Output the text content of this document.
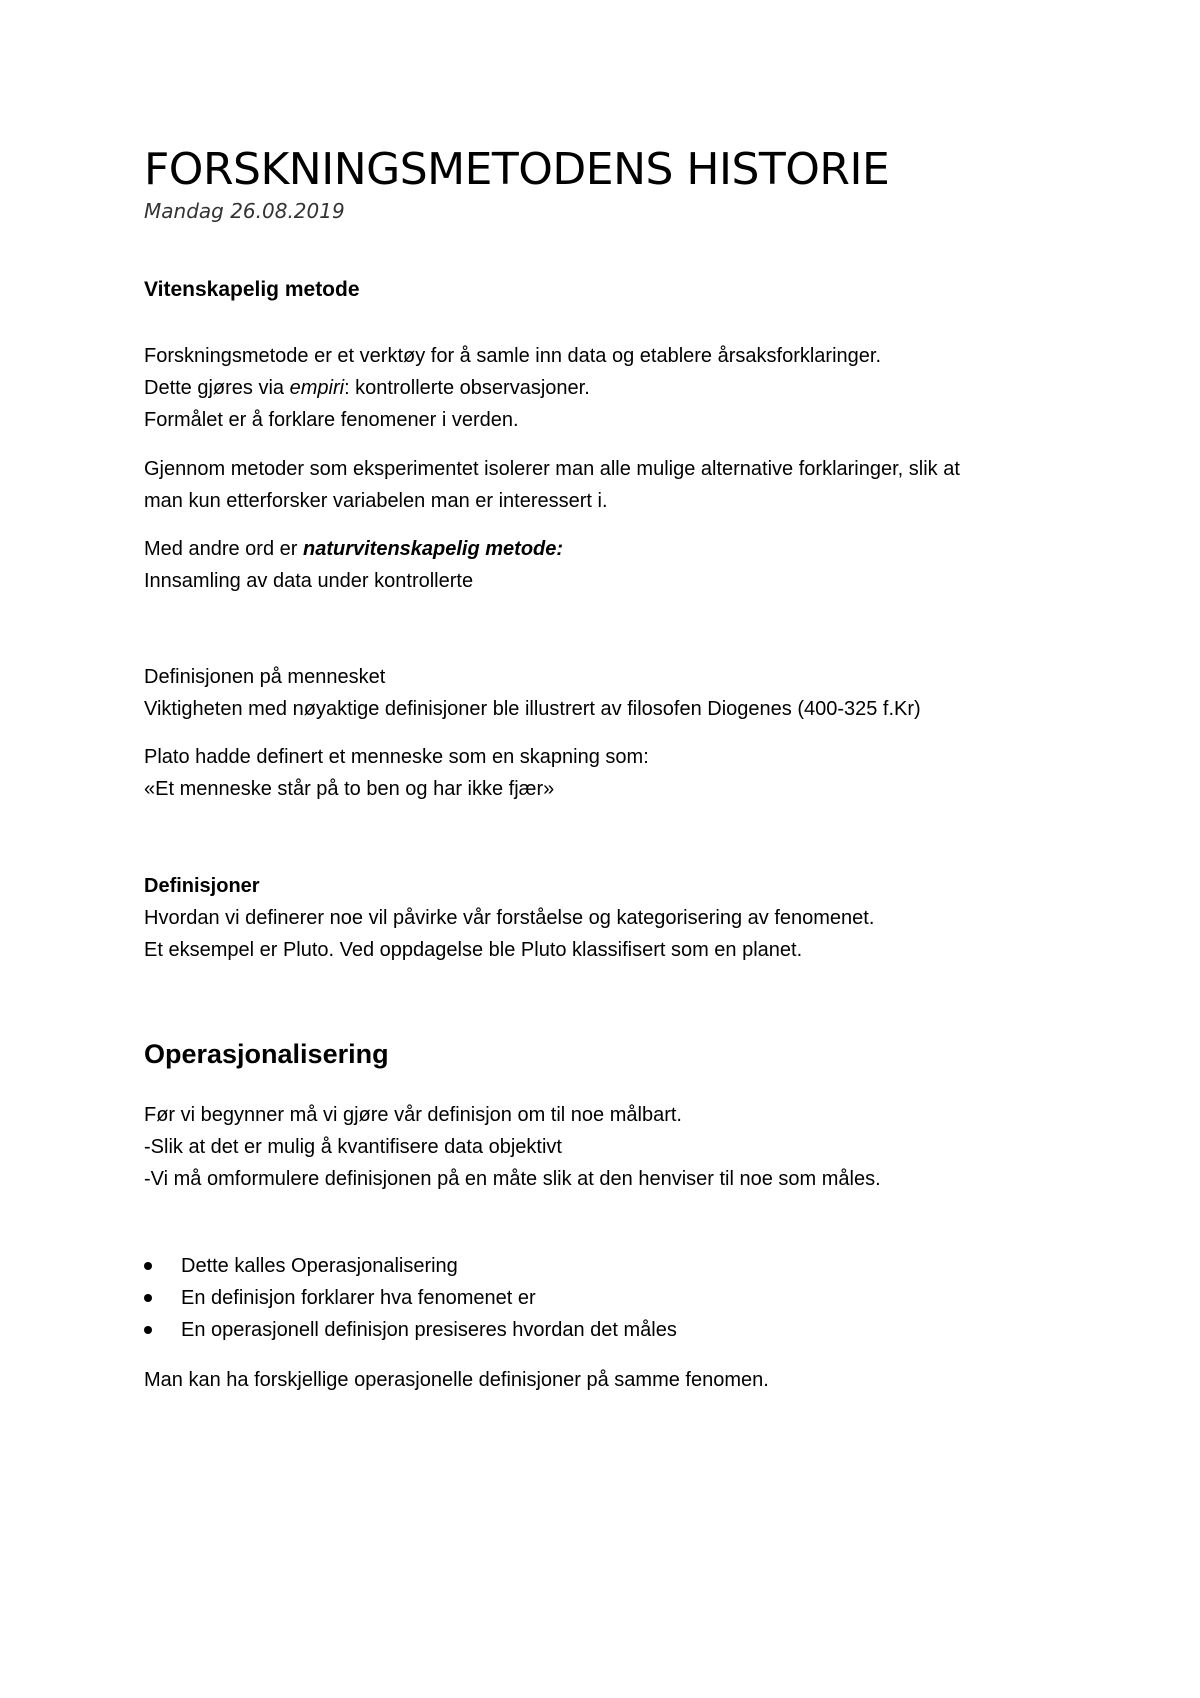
FORSKNINGSMETODENS HISTORIE
Mandag 26.08.2019
Vitenskapelig metode
Forskningsmetode er et verktøy for å samle inn data og etablere årsaksforklaringer.
Dette gjøres via empiri: kontrollerte observasjoner.
Formålet er å forklare fenomener i verden.
Gjennom metoder som eksperimentet isolerer man alle mulige alternative forklaringer, slik at
man kun etterforsker variabelen man er interessert i.
Med andre ord er naturvitenskapelig metode:
Innsamling av data under kontrollerte
Definisjonen på mennesket
Viktigheten med nøyaktige definisjoner ble illustrert av filosofen Diogenes (400-325 f.Kr)
Plato hadde definert et menneske som en skapning som:
«Et menneske står på to ben og har ikke fjær»
Definisjoner
Hvordan vi definerer noe vil påvirke vår forståelse og kategorisering av fenomenet.
Et eksempel er Pluto. Ved oppdagelse ble Pluto klassifisert som en planet.
Operasjonalisering
Før vi begynner må vi gjøre vår definisjon om til noe målbart.
-Slik at det er mulig å kvantifisere data objektivt
-Vi må omformulere definisjonen på en måte slik at den henviser til noe som måles.
Dette kalles Operasjonalisering
En definisjon forklarer hva fenomenet er
En operasjonell definisjon presiseres hvordan det måles
Man kan ha forskjellige operasjonelle definisjoner på samme fenomen.
